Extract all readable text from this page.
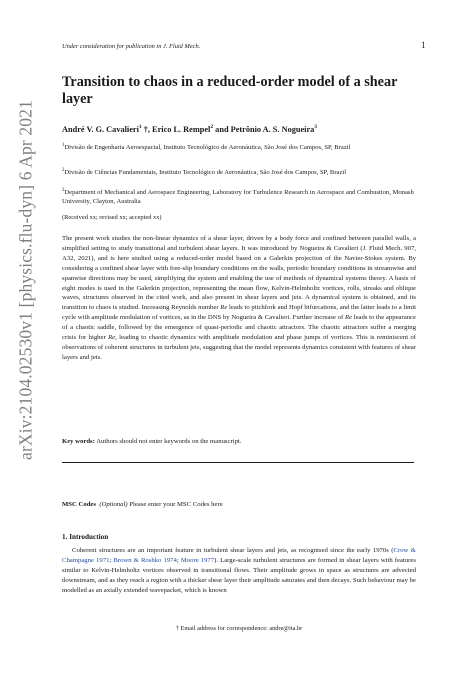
Under consideration for publication in J. Fluid Mech.	1
arXiv:2104.02530v1 [physics.flu-dyn] 6 Apr 2021
Transition to chaos in a reduced-order model of a shear layer
André V. G. Cavalieri$^1$ †, Erico L. Rempel$^2$ and Petrônio A. S. Nogueira$^3$
$^1$Divisão de Engenharia Aeroespacial, Instituto Tecnológico de Aeronáutica, São José dos Campos, SP, Brazil
$^2$Divisão de Ciências Fundamentais, Instituto Tecnológico de Aeronáutica, São José dos Campos, SP, Brazil
$^3$Department of Mechanical and Aerospace Engineering, Laboratory for Turbulence Research in Aerospace and Combustion, Monash University, Clayton, Australia
(Received xx; revised xx; accepted xx)
The present work studies the non-linear dynamics of a shear layer, driven by a body force and confined between parallel walls, a simplified setting to study transitional and turbulent shear layers. It was introduced by Nogueira & Cavalieri (J. Fluid Mech. 907, A32, 2021), and is here studied using a reduced-order model based on a Galerkin projection of the Navier-Stokes system. By considering a confined shear layer with free-slip boundary conditions on the walls, periodic boundary conditions in streamwise and spanwise directions may be used, simplifying the system and enabling the use of methods of dynamical systems theory. A basis of eight modes is used in the Galerkin projection, representing the mean flow, Kelvin-Helmholtz vortices, rolls, streaks and oblique waves, structures observed in the cited work, and also present in shear layers and jets. A dynamical system is obtained, and its transition to chaos is studied. Increasing Reynolds number Re leads to pitchfork and Hopf bifurcations, and the latter leads to a limit cycle with amplitude modulation of vortices, as in the DNS by Nogueira & Cavalieri. Further increase of Re leads to the appearance of a chaotic saddle, followed by the emergence of quasi-periodic and chaotic attractors. The chaotic attractors suffer a merging crisis for higher Re, leading to chaotic dynamics with amplitude modulation and phase jumps of vortices. This is reminiscent of observations of coherent structures in turbulent jets, suggesting that the model represents dynamics consistent with features of shear layers and jets.
Key words: Authors should not enter keywords on the manuscript.
MSC Codes (Optional) Please enter your MSC Codes here
1. Introduction

Coherent structures are an important feature in turbulent shear layers and jets, as recognised since the early 1970s (Crow & Champagne 1971; Brown & Roshko 1974; Moore 1977). Large-scale turbulent structures are formed in shear layers with features similar to Kelvin-Helmholtz vortices observed in transitional flows. Their amplitude grows in space as structures are advected downstream, and as they reach a region with a thicker shear layer their amplitude saturates and then decays. Such behaviour may be modelled as an axially extended wavepacket, which is known

† Email address for correspondence: andre@ita.br
